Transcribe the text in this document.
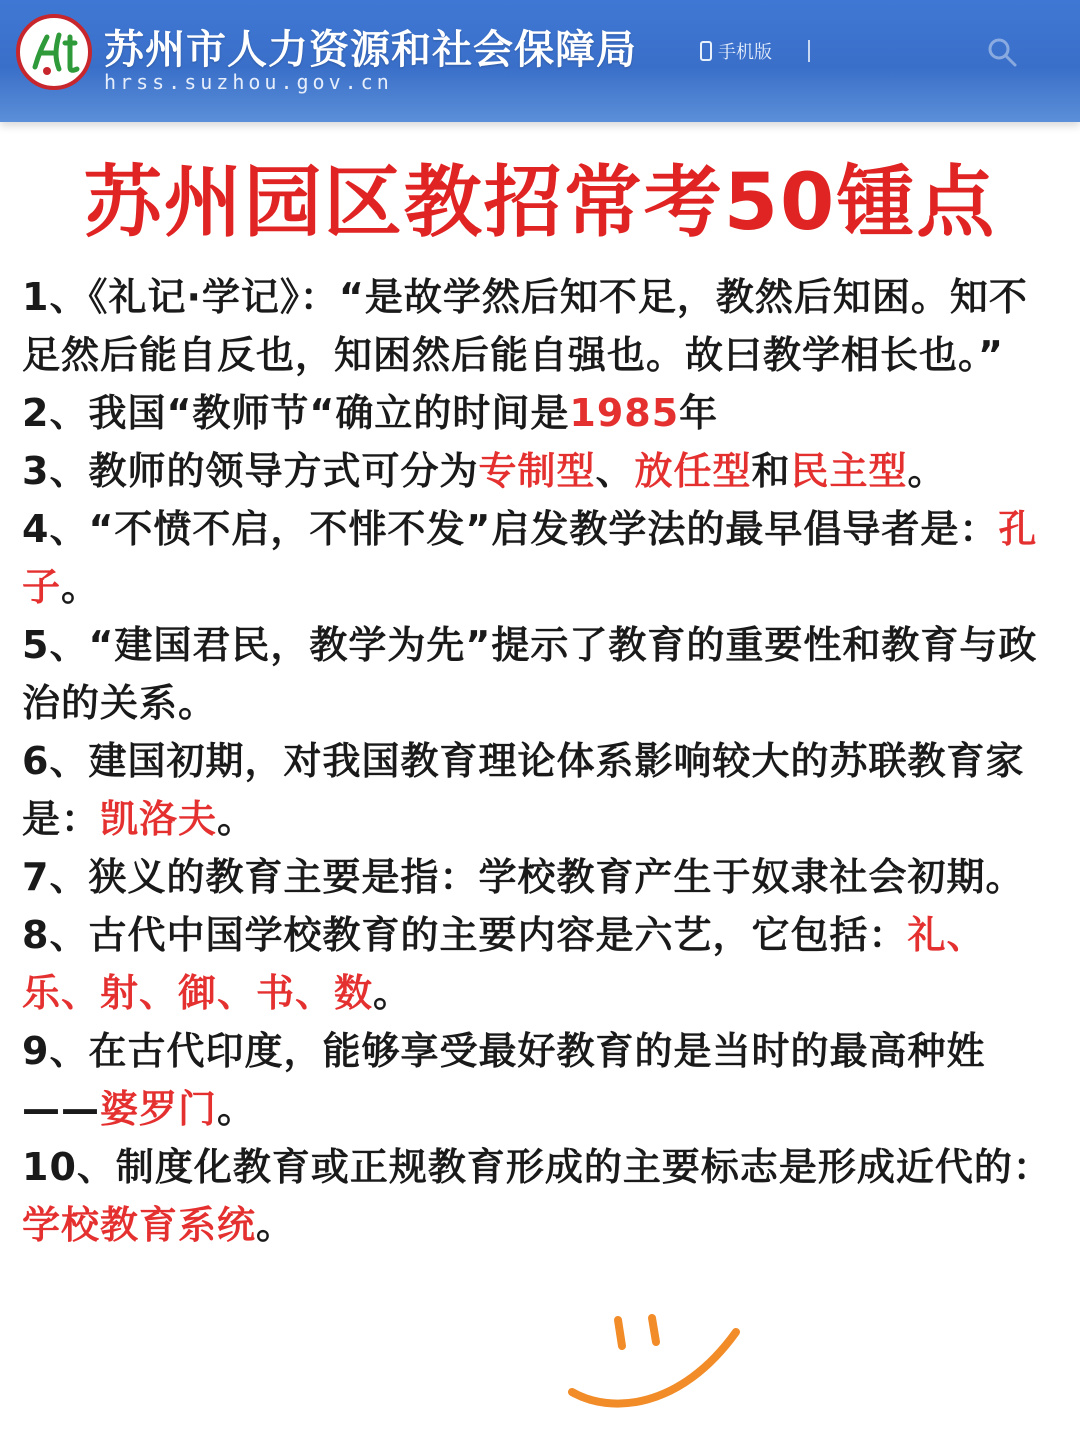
苏州市人力资源和社会保障局
hrss.suzhou.gov.cn
手机版
苏州园区教招常考50锺点
1、《礼记·学记》：“是故学然后知不足，教然后知困。知不足然后能自反也，知困然后能自强也。故曰教学相长也。”
2、我国“教师节“确立的时间是1985年
3、教师的领导方式可分为专制型、放任型和民主型。
4、“不愤不启，不悱不发”启发教学法的最早倡导者是：孔子。
5、“建国君民，教学为先”提示了教育的重要性和教育与政治的关系。
6、建国初期，对我国教育理论体系影响较大的苏联教育家是：凯洛夫。
7、狭义的教育主要是指：学校教育产生于奴隶社会初期。
8、古代中国学校教育的主要内容是六艺，它包括：礼、乐、射、御、书、数。
9、在古代印度，能够享受最好教育的是当时的最高种姓——婆罗门。
10、制度化教育或正规教育形成的主要标志是形成近代的：学校教育系统。
